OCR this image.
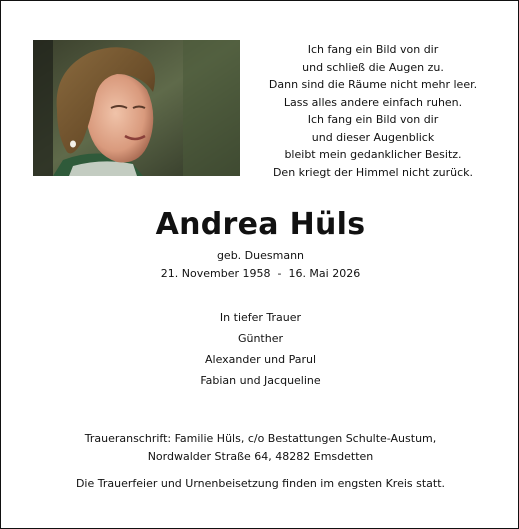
Ich fang ein Bild von dir
und schließ die Augen zu.
Dann sind die Räume nicht mehr leer.
Lass alles andere einfach ruhen.
Ich fang ein Bild von dir
und dieser Augenblick
bleibt mein gedanklicher Besitz.
Den kriegt der Himmel nicht zurück.
Andrea Hüls
geb. Duesmann
21. November 1958  -  16. Mai 2026
In tiefer Trauer
Günther
Alexander und Parul
Fabian und Jacqueline
Traueranschrift: Familie Hüls, c/o Bestattungen Schulte-Austum,
Nordwalder Straße 64, 48282 Emsdetten
Die Trauerfeier und Urnenbeisetzung finden im engsten Kreis statt.
